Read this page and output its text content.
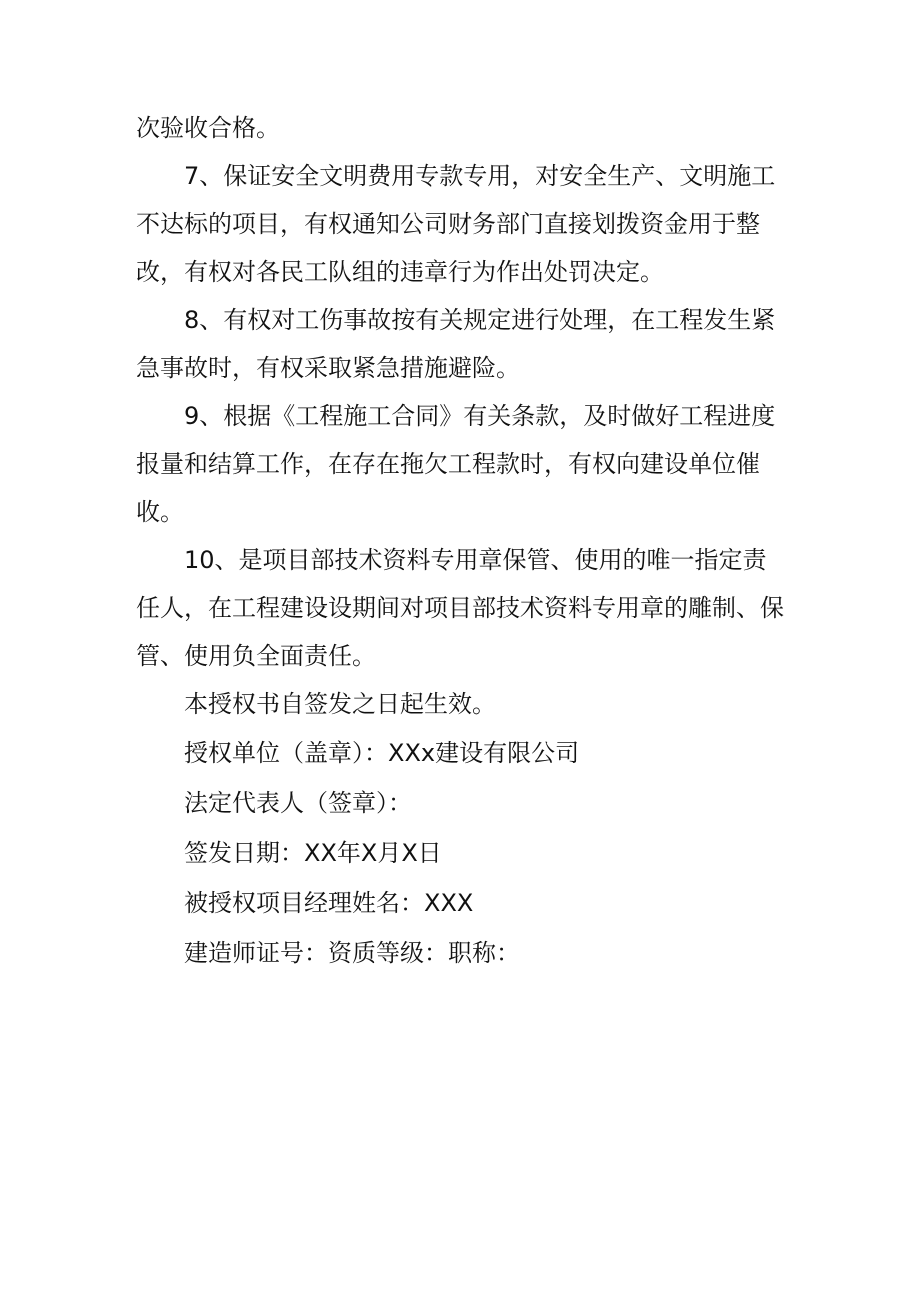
次验收合格。

7、保证安全文明费用专款专用，对安全生产、文明施工不达标的项目，有权通知公司财务部门直接划拨资金用于整改，有权对各民工队组的违章行为作出处罚决定。

8、有权对工伤事故按有关规定进行处理，在工程发生紧急事故时，有权采取紧急措施避险。

9、根据《工程施工合同》有关条款，及时做好工程进度报量和结算工作，在存在拖欠工程款时，有权向建设单位催收。

10、是项目部技术资料专用章保管、使用的唯一指定责任人，在工程建设设期间对项目部技术资料专用章的雕制、保管、使用负全面责任。

本授权书自签发之日起生效。

授权单位（盖章）：XXx建设有限公司

法定代表人（签章）：

签发日期：XX年X月X日

被授权项目经理姓名：XXX

建造师证号：资质等级：职称：
